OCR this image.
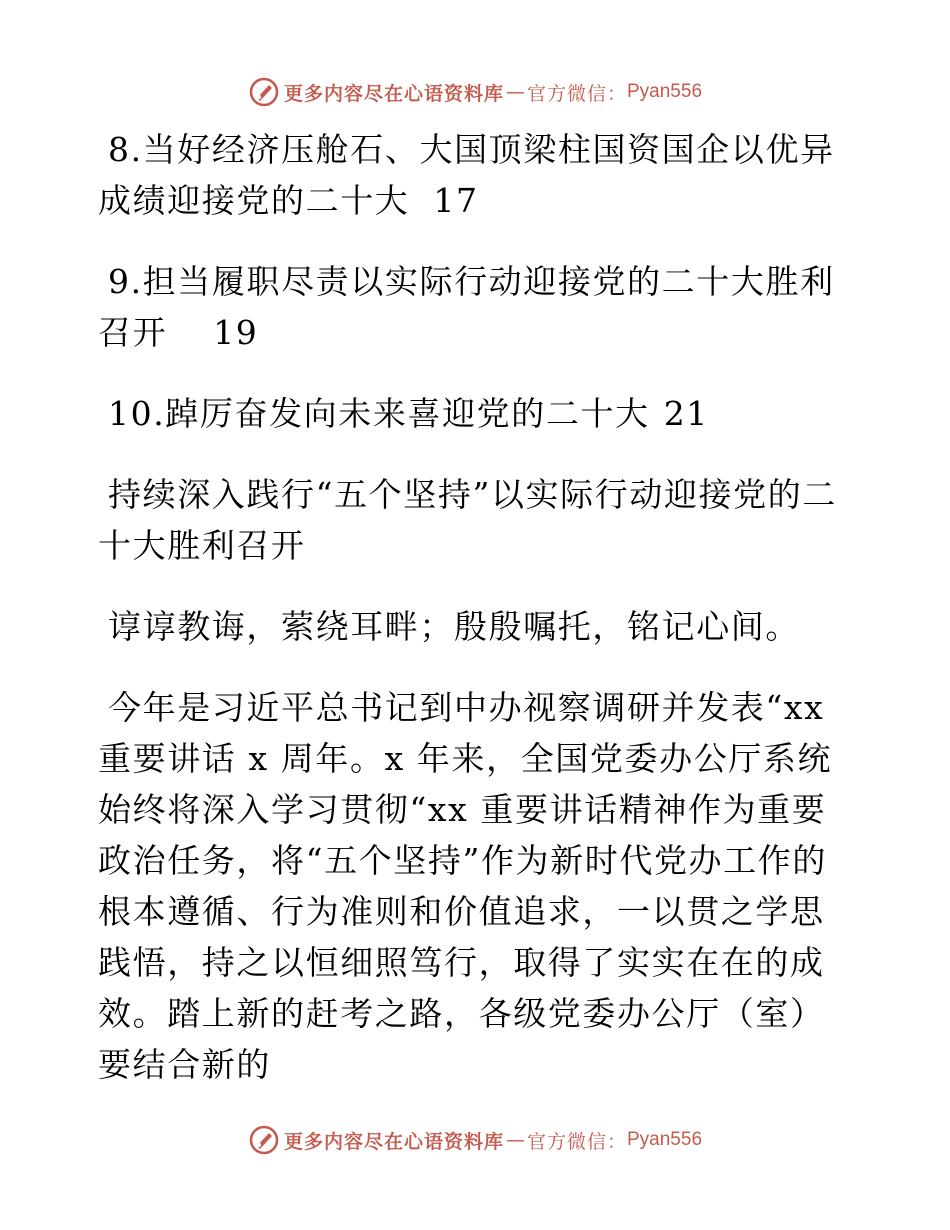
更多内容尽在心语资料库 — 官方微信： Pyan556

8.当好经济压舱石、大国顶梁柱国资国企以优异成绩迎接党的二十大 17

9.担当履职尽责以实际行动迎接党的二十大胜利召开 19

10.踔厉奋发向未来喜迎党的二十大 21

持续深入践行“五个坚持”以实际行动迎接党的二十大胜利召开

谆谆教诲，萦绕耳畔；殷殷嘱托，铭记心间。

今年是习近平总书记到中办视察调研并发表“xx重要讲话 x 周年。x 年来，全国党委办公厅系统始终将深入学习贯彻“xx 重要讲话精神作为重要政治任务，将“五个坚持”作为新时代党办工作的根本遵循、行为准则和价值追求，一以贯之学思践悟，持之以恒细照笃行，取得了实实在在的成效。踏上新的赶考之路，各级党委办公厅（室）要结合新的

更多内容尽在心语资料库 — 官方微信： Pyan556
